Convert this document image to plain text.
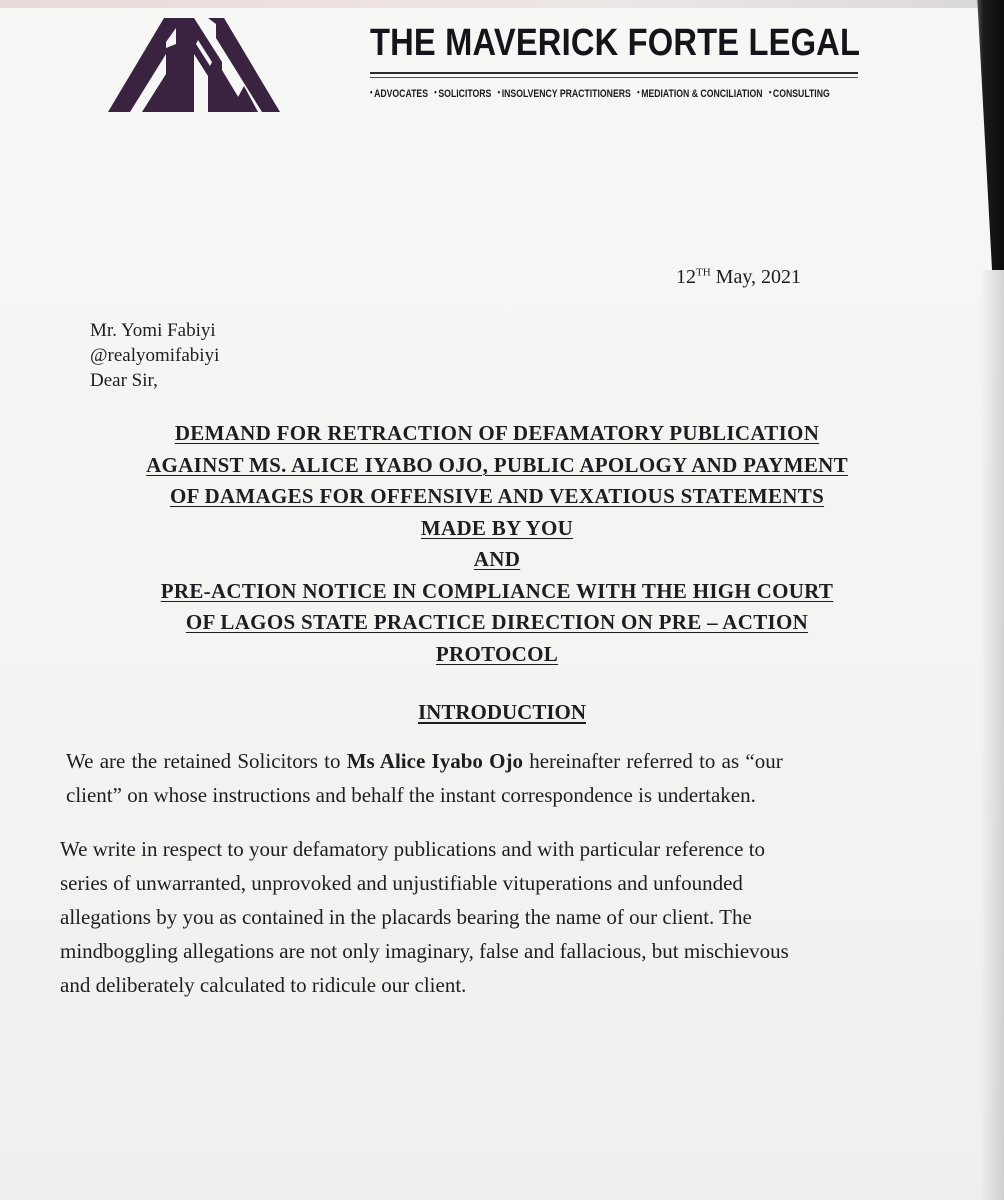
THE MAVERICK FORTE LEGAL
• ADVOCATES • SOLICITORS • INSOLVENCY PRACTITIONERS • MEDIATION & CONCILIATION • CONSULTING
12TH May, 2021
Mr. Yomi Fabiyi
@realyomifabiyi
Dear Sir,
DEMAND FOR RETRACTION OF DEFAMATORY PUBLICATION
AGAINST MS. ALICE IYABO OJO, PUBLIC APOLOGY AND PAYMENT
OF DAMAGES FOR OFFENSIVE AND VEXATIOUS STATEMENTS
MADE BY YOU
AND
PRE-ACTION NOTICE IN COMPLIANCE WITH THE HIGH COURT
OF LAGOS STATE PRACTICE DIRECTION ON PRE – ACTION
PROTOCOL
INTRODUCTION
We are the retained Solicitors to Ms Alice Iyabo Ojo hereinafter referred to as “our
client” on whose instructions and behalf the instant correspondence is undertaken.
We write in respect to your defamatory publications and with particular reference to
series of unwarranted, unprovoked and unjustifiable vituperations and unfounded
allegations by you as contained in the placards bearing the name of our client. The
mindboggling allegations are not only imaginary, false and fallacious, but mischievous
and deliberately calculated to ridicule our client.
